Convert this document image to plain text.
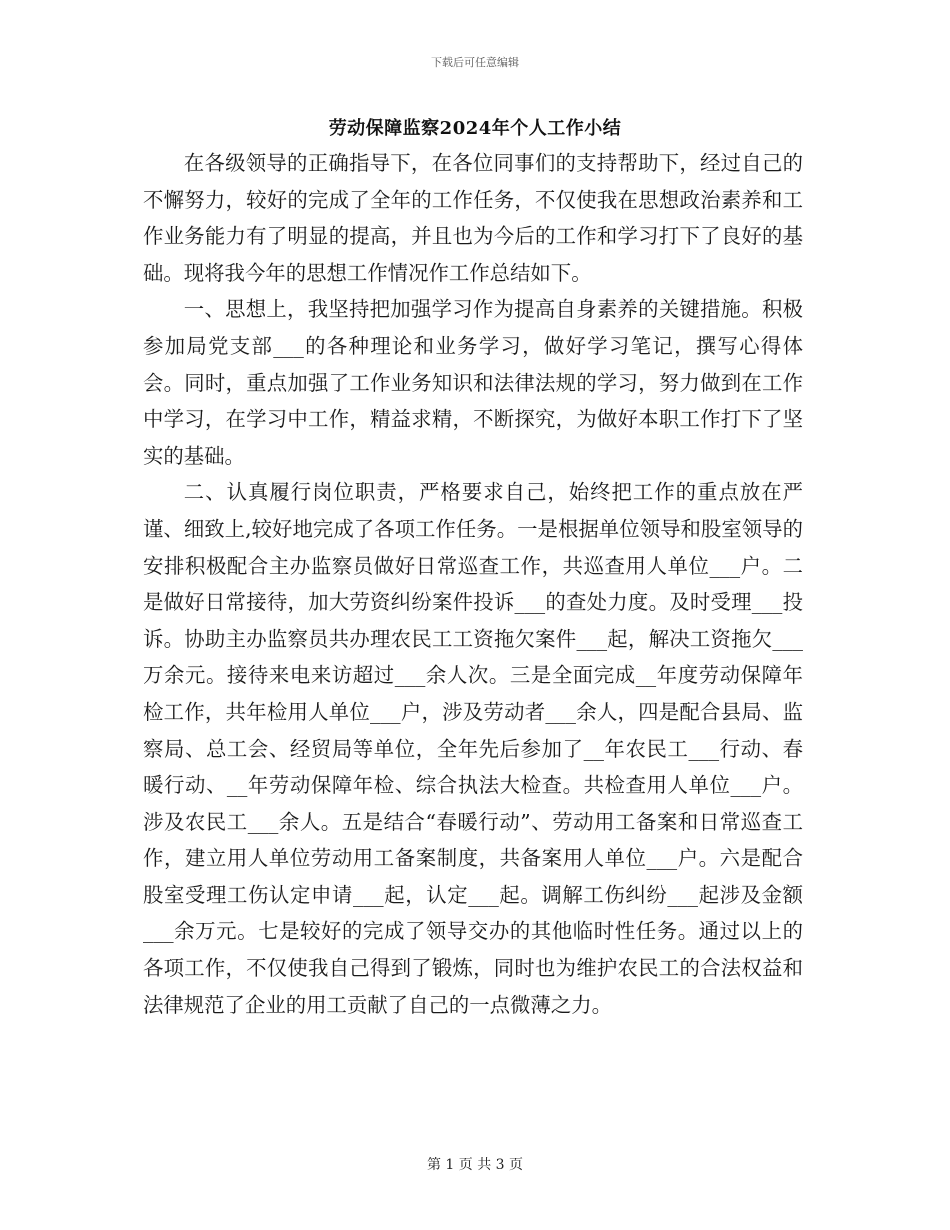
下载后可任意编辑
劳动保障监察2024年个人工作小结

在各级领导的正确指导下，在各位同事们的支持帮助下，经过自己的不懈努力，较好的完成了全年的工作任务，不仅使我在思想政治素养和工作业务能力有了明显的提高，并且也为今后的工作和学习打下了良好的基础。现将我今年的思想工作情况作工作总结如下。

一、思想上，我坚持把加强学习作为提高自身素养的关键措施。积极参加局党支部___的各种理论和业务学习，做好学习笔记，撰写心得体会。同时，重点加强了工作业务知识和法律法规的学习，努力做到在工作中学习，在学习中工作，精益求精，不断探究，为做好本职工作打下了坚实的基础。

二、认真履行岗位职责，严格要求自己，始终把工作的重点放在严谨、细致上,较好地完成了各项工作任务。一是根据单位领导和股室领导的安排积极配合主办监察员做好日常巡查工作，共巡查用人单位___户。二是做好日常接待，加大劳资纠纷案件投诉___的查处力度。及时受理___投诉。协助主办监察员共办理农民工工资拖欠案件___起，解决工资拖欠___万余元。接待来电来访超过___余人次。三是全面完成__年度劳动保障年检工作，共年检用人单位___户，涉及劳动者___余人，四是配合县局、监察局、总工会、经贸局等单位，全年先后参加了__年农民工___行动、春暖行动、__年劳动保障年检、综合执法大检查。共检查用人单位___户。涉及农民工___余人。五是结合“春暖行动”、劳动用工备案和日常巡查工作，建立用人单位劳动用工备案制度，共备案用人单位___户。六是配合股室受理工伤认定申请___起，认定___起。调解工伤纠纷___起涉及金额___余万元。七是较好的完成了领导交办的其他临时性任务。通过以上的各项工作，不仅使我自己得到了锻炼，同时也为维护农民工的合法权益和法律规范了企业的用工贡献了自己的一点微薄之力。

第 1 页 共 3 页
